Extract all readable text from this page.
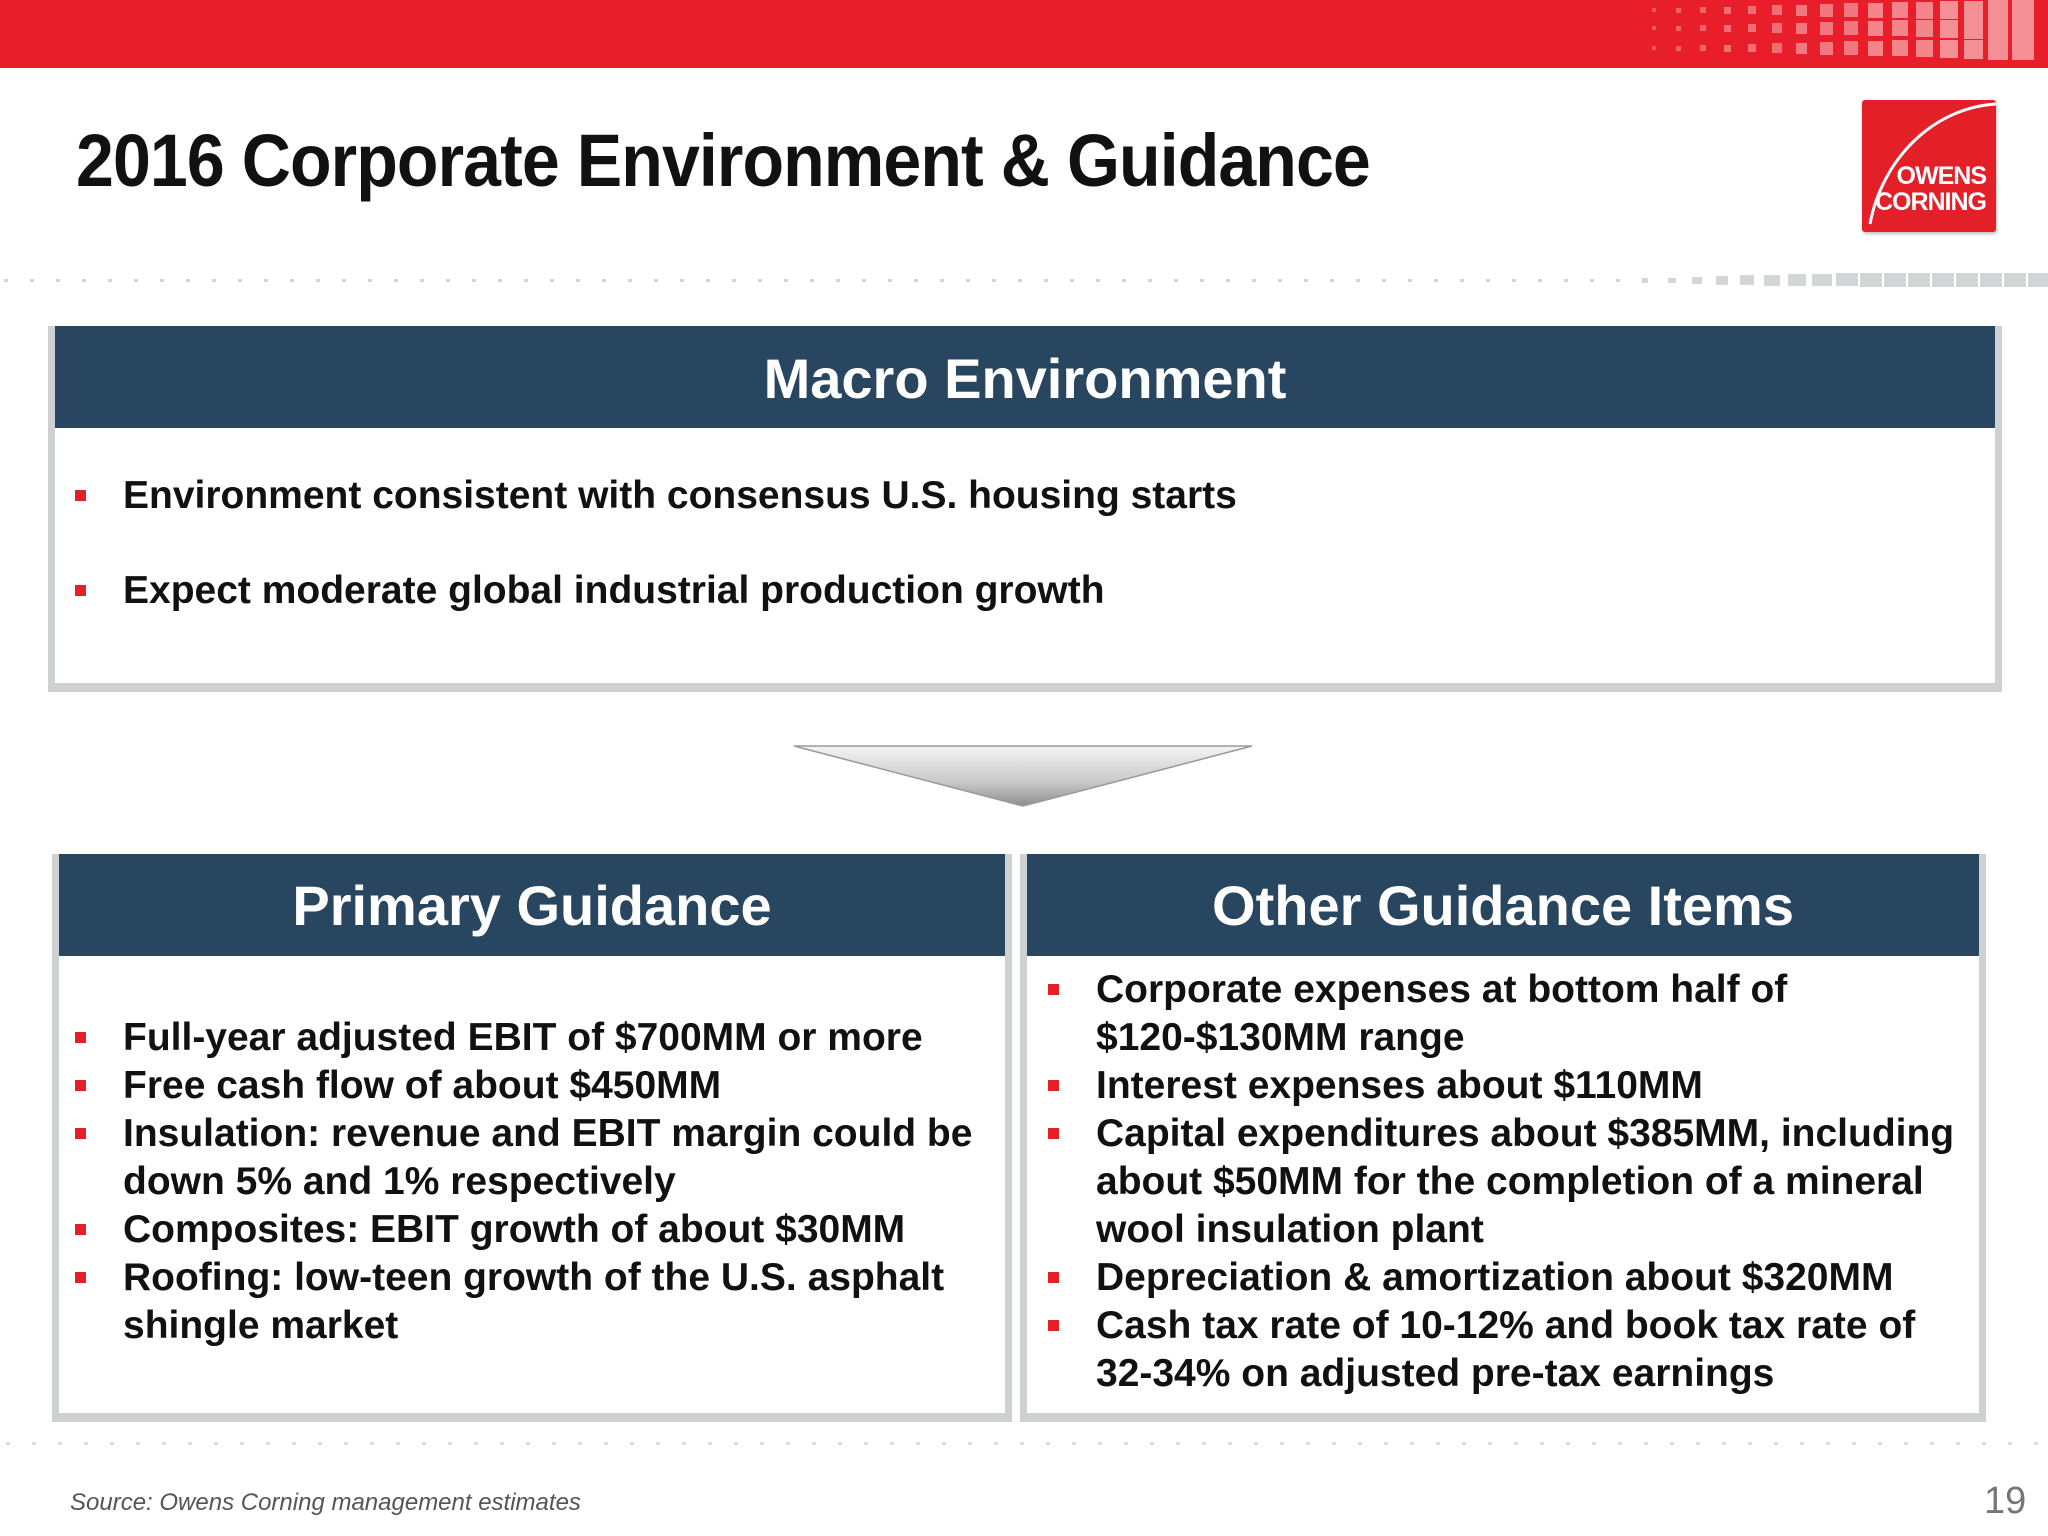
2016 Corporate Environment & Guidance	OWENS
CORNING
Macro Environment
Environment consistent with consensus U.S. housing starts
Expect moderate global industrial production growth
Primary Guidance	Other Guidance Items
Full-year adjusted EBIT of $700MM or more
Free cash flow of about $450MM
Insulation: revenue and EBIT margin could be down 5% and 1% respectively
Composites: EBIT growth of about $30MM
Roofing: low-teen growth of the U.S. asphalt shingle market
Corporate expenses at bottom half of $120-$130MM range
Interest expenses about $110MM
Capital expenditures about $385MM, including about $50MM for the completion of a mineral wool insulation plant
Depreciation & amortization about $320MM
Cash tax rate of 10-12% and book tax rate of 32-34% on adjusted pre-tax earnings
Source: Owens Corning management estimates	19
